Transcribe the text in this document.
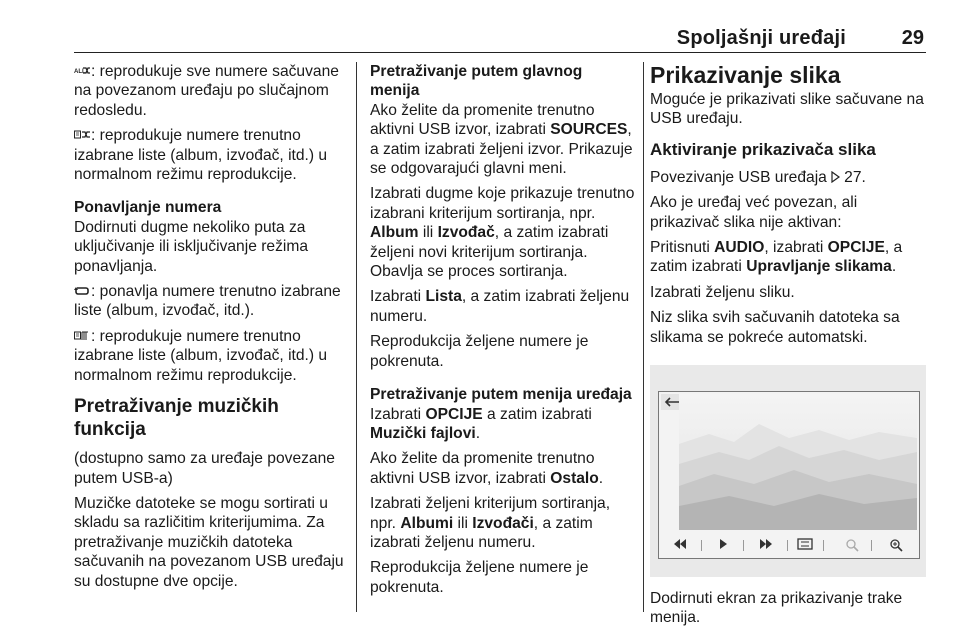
Spoljašnji uređaji	29

ALL : reprodukuje sve numere sačuvane na povezanom uređaju po slučajnom redosledu.

: reprodukuje numere trenutno izabrane liste (album, izvođač, itd.) u normalnom režimu reprodukcije.

Ponavljanje numera

Dodirnuti dugme nekoliko puta za uključivanje ili isključivanje režima ponavljanja.

: ponavlja numere trenutno izabrane liste (album, izvođač, itd.).

: reprodukuje numere trenutno izabrane liste (album, izvođač, itd.) u normalnom režimu reprodukcije.

Pretraživanje muzičkih funkcija

(dostupno samo za uređaje povezane putem USB-a)

Muzičke datoteke se mogu sortirati u skladu sa različitim kriterijumima. Za pretraživanje muzičkih datoteka sačuvanih na povezanom USB uređaju su dostupne dve opcije.

Pretraživanje putem glavnog menija

Ako želite da promenite trenutno aktivni USB izvor, izabrati SOURCES, a zatim izabrati željeni izvor. Prikazuje se odgovarajući glavni meni.

Izabrati dugme koje prikazuje trenutno izabrani kriterijum sortiranja, npr. Album ili Izvođač, a zatim izabrati željeni novi kriterijum sortiranja. Obavlja se proces sortiranja.

Izabrati Lista, a zatim izabrati željenu numeru.

Reprodukcija željene numere je pokrenuta.

Pretraživanje putem menija uređaja

Izabrati OPCIJE a zatim izabrati Muzički fajlovi.

Ako želite da promenite trenutno aktivni USB izvor, izabrati Ostalo.

Izabrati željeni kriterijum sortiranja, npr. Albumi ili Izvođači, a zatim izabrati željenu numeru.

Reprodukcija željene numere je pokrenuta.

Prikazivanje slika

Moguće je prikazivati slike sačuvane na USB uređaju.

Aktiviranje prikazivača slika

Povezivanje USB uređaja 27.

Ako je uređaj već povezan, ali prikazivač slika nije aktivan:

Pritisnuti AUDIO, izabrati OPCIJE, a zatim izabrati Upravljanje slikama.

Izabrati željenu sliku.

Niz slika svih sačuvanih datoteka sa slikama se pokreće automatski.

Dodirnuti ekran za prikazivanje trake menija.
